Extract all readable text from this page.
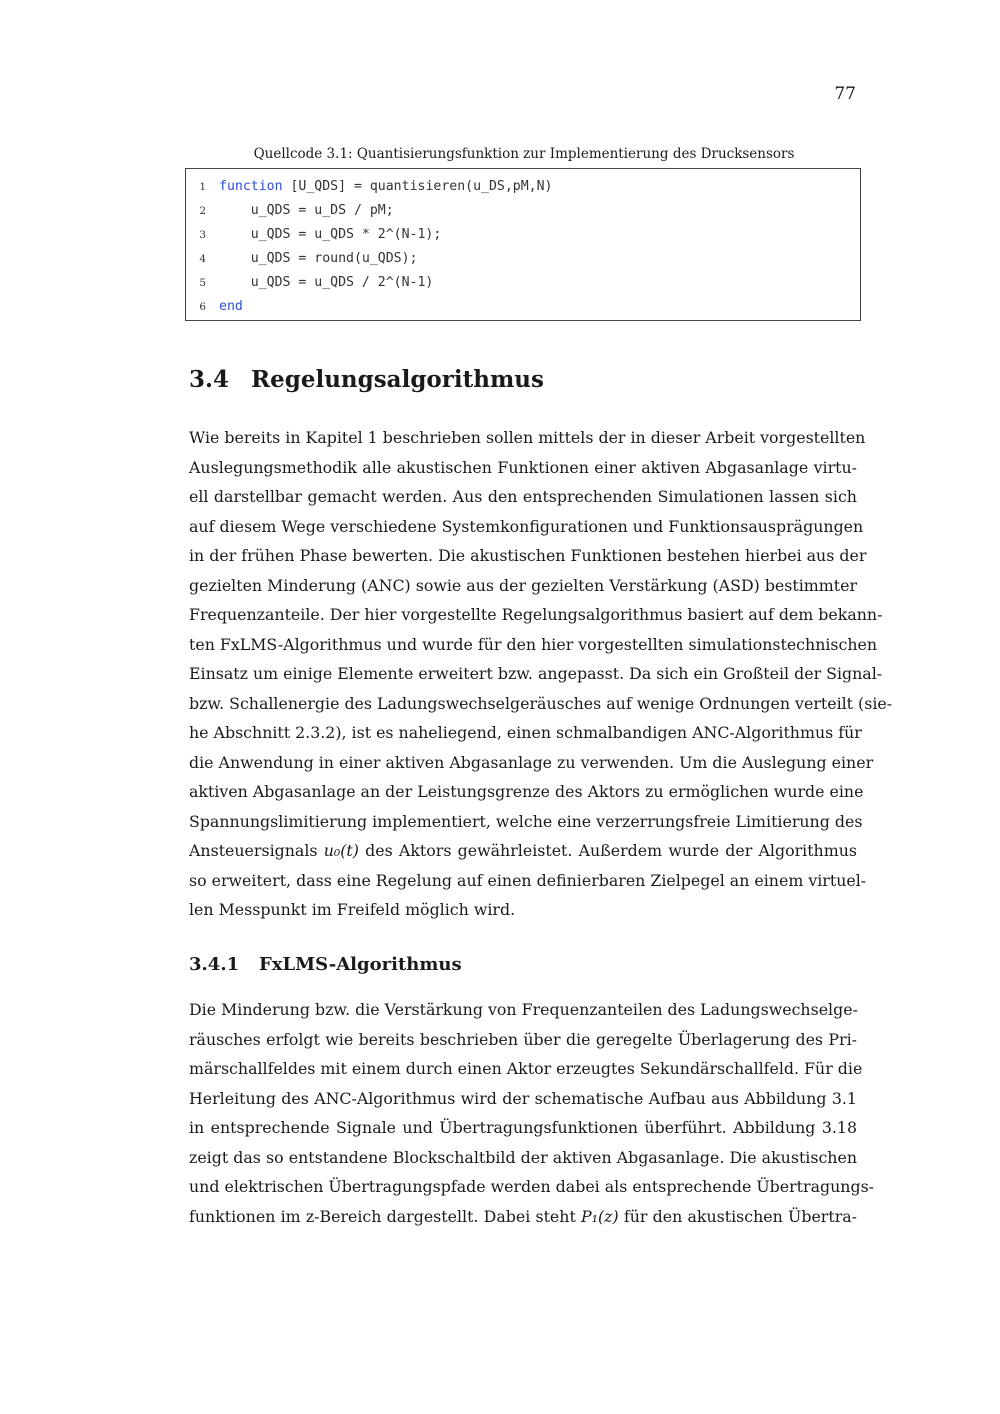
77
Quellcode 3.1: Quantisierungsfunktion zur Implementierung des Drucksensors
1 function [U_QDS] = quantisieren(u_DS,pM,N)
2 u_QDS = u_DS / pM;
3 u_QDS = u_QDS * 2^(N-1);
4 u_QDS = round(u_QDS);
5 u_QDS = u_QDS / 2^(N-1)
6 end
3.4 Regelungsalgorithmus
Wie bereits in Kapitel 1 beschrieben sollen mittels der in dieser Arbeit vorgestellten
Auslegungsmethodik alle akustischen Funktionen einer aktiven Abgasanlage virtu-
ell darstellbar gemacht werden. Aus den entsprechenden Simulationen lassen sich
auf diesem Wege verschiedene Systemkonfigurationen und Funktionsausprägungen
in der frühen Phase bewerten. Die akustischen Funktionen bestehen hierbei aus der
gezielten Minderung (ANC) sowie aus der gezielten Verstärkung (ASD) bestimmter
Frequenzanteile. Der hier vorgestellte Regelungsalgorithmus basiert auf dem bekann-
ten FxLMS-Algorithmus und wurde für den hier vorgestellten simulationstechnischen
Einsatz um einige Elemente erweitert bzw. angepasst. Da sich ein Großteil der Signal-
bzw. Schallenergie des Ladungswechselgeräusches auf wenige Ordnungen verteilt (sie-
he Abschnitt 2.3.2), ist es naheliegend, einen schmalbandigen ANC-Algorithmus für
die Anwendung in einer aktiven Abgasanlage zu verwenden. Um die Auslegung einer
aktiven Abgasanlage an der Leistungsgrenze des Aktors zu ermöglichen wurde eine
Spannungslimitierung implementiert, welche eine verzerrungsfreie Limitierung des
Ansteuersignals u₀(t) des Aktors gewährleistet. Außerdem wurde der Algorithmus
so erweitert, dass eine Regelung auf einen definierbaren Zielpegel an einem virtuel-
len Messpunkt im Freifeld möglich wird.
3.4.1 FxLMS-Algorithmus
Die Minderung bzw. die Verstärkung von Frequenzanteilen des Ladungswechselge-
räusches erfolgt wie bereits beschrieben über die geregelte Überlagerung des Pri-
märschallfeldes mit einem durch einen Aktor erzeugtes Sekundärschallfeld. Für die
Herleitung des ANC-Algorithmus wird der schematische Aufbau aus Abbildung 3.1
in entsprechende Signale und Übertragungsfunktionen überführt. Abbildung 3.18
zeigt das so entstandene Blockschaltbild der aktiven Abgasanlage. Die akustischen
und elektrischen Übertragungspfade werden dabei als entsprechende Übertragungs-
funktionen im z-Bereich dargestellt. Dabei steht P₁(z) für den akustischen Übertra-
